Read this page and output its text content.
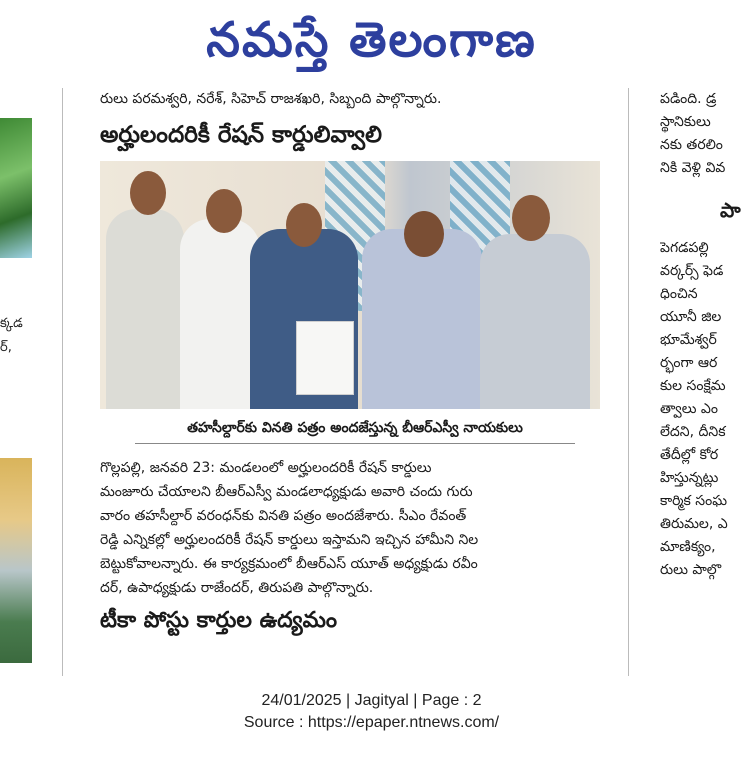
నమస్తే తెలంగాణ
క్కడ
ర్,
రులు పరమశ్వరి, నరేశ్, సిహెచ్ రాజశఖరి, సిబ్బంది పాల్గొన్నారు.
అర్హులందరికీ రేషన్ కార్డులివ్వాలి
తహసీల్దార్‌కు వినతి పత్రం అందజేస్తున్న బీఆర్ఎస్వీ నాయకులు
గొల్లపల్లి, జనవరి 23: మండలంలో అర్హులందరికీ రేషన్ కార్డులు
మంజూరు చేయాలని బీఆర్ఎస్వీ మండలాధ్యక్షుడు అవారి చందు గురు
వారం తహసీల్దార్ వరంధన్‌కు వినతి పత్రం అందజేశారు. సీఎం రేవంత్
రెడ్డి ఎన్నికల్లో అర్హులందరికీ రేషన్ కార్డులు ఇస్తామని ఇచ్చిన హామీని నిల
బెట్టుకోవాలన్నారు. ఈ కార్యక్రమంలో బీఆర్ఎస్ యూత్ అధ్యక్షుడు రవీం
దర్, ఉపాధ్యక్షుడు రాజేందర్, తిరుపతి పాల్గొన్నారు.
టీకా పోస్టు కార్తుల ఉద్యమం
పడింది. డ్ర
స్థానికులు
నకు తరలిం
నికి వెళ్లి వివ
పా
పెగడపల్లి
వర్కర్స్ ఫెడ
ధించిన
యూనీ జిల
భూమేశ్వర్
ర్భంగా ఆర
కుల సంక్షేమ
త్వాలు ఎం
లేదని, దీనిక
తేదీల్లో కోర
హిస్తున్నట్లు
కార్మిక సంఘ
తిరుమల, ఎ
మాణిక్యం,
రులు పాల్గొ
24/01/2025 | Jagityal | Page : 2
Source : https://epaper.ntnews.com/
